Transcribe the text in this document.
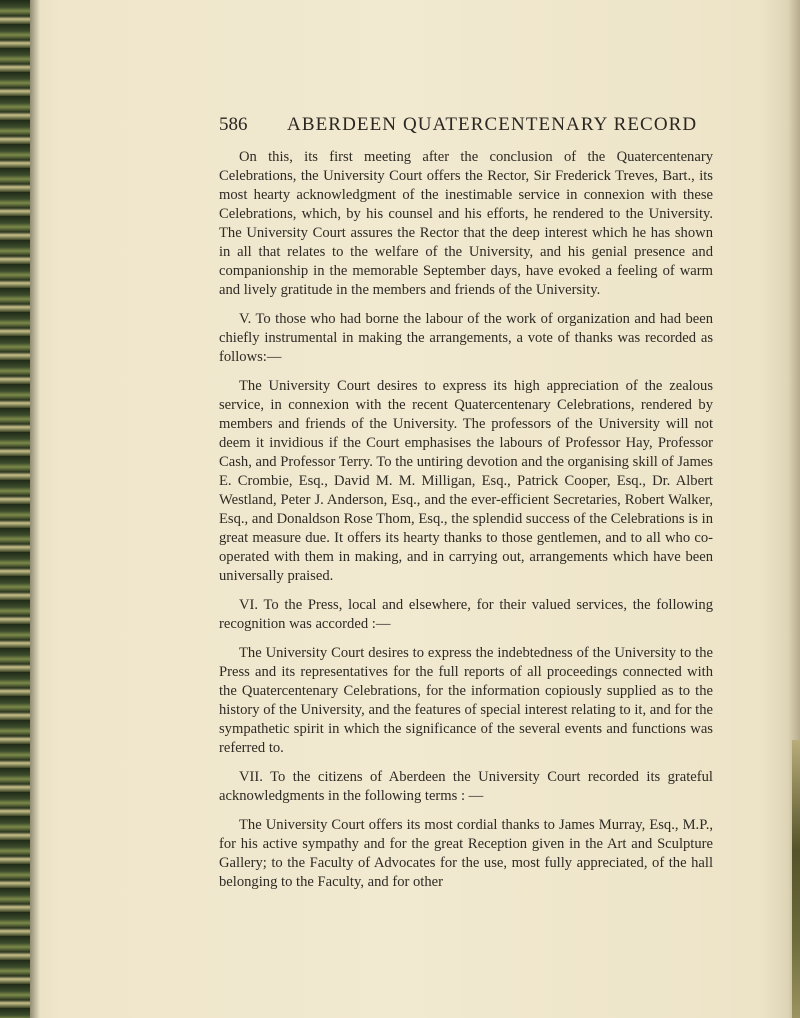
586	ABERDEEN QUATERCENTENARY RECORD

On this, its first meeting after the conclusion of the Quatercentenary Celebrations, the University Court offers the Rector, Sir Frederick Treves, Bart., its most hearty acknowledgment of the inestimable service in connexion with these Celebrations, which, by his counsel and his efforts, he rendered to the University. The University Court assures the Rector that the deep interest which he has shown in all that relates to the welfare of the University, and his genial presence and companionship in the memorable September days, have evoked a feeling of warm and lively gratitude in the members and friends of the University.

V. To those who had borne the labour of the work of organization and had been chiefly instrumental in making the arrangements, a vote of thanks was recorded as follows:—

The University Court desires to express its high appreciation of the zealous service, in connexion with the recent Quatercentenary Celebrations, rendered by members and friends of the University. The professors of the University will not deem it invidious if the Court emphasises the labours of Professor Hay, Professor Cash, and Professor Terry. To the untiring devotion and the organising skill of James E. Crombie, Esq., David M. M. Milligan, Esq., Patrick Cooper, Esq., Dr. Albert Westland, Peter J. Anderson, Esq., and the ever-efficient Secretaries, Robert Walker, Esq., and Donaldson Rose Thom, Esq., the splendid success of the Celebrations is in great measure due. It offers its hearty thanks to those gentlemen, and to all who co-operated with them in making, and in carrying out, arrangements which have been universally praised.

VI. To the Press, local and elsewhere, for their valued services, the following recognition was accorded :—

The University Court desires to express the indebtedness of the University to the Press and its representatives for the full reports of all proceedings connected with the Quatercentenary Celebrations, for the information copiously supplied as to the history of the University, and the features of special interest relating to it, and for the sympathetic spirit in which the significance of the several events and functions was referred to.

VII. To the citizens of Aberdeen the University Court recorded its grateful acknowledgments in the following terms : —

The University Court offers its most cordial thanks to James Murray, Esq., M.P., for his active sympathy and for the great Reception given in the Art and Sculpture Gallery; to the Faculty of Advocates for the use, most fully appreciated, of the hall belonging to the Faculty, and for other
